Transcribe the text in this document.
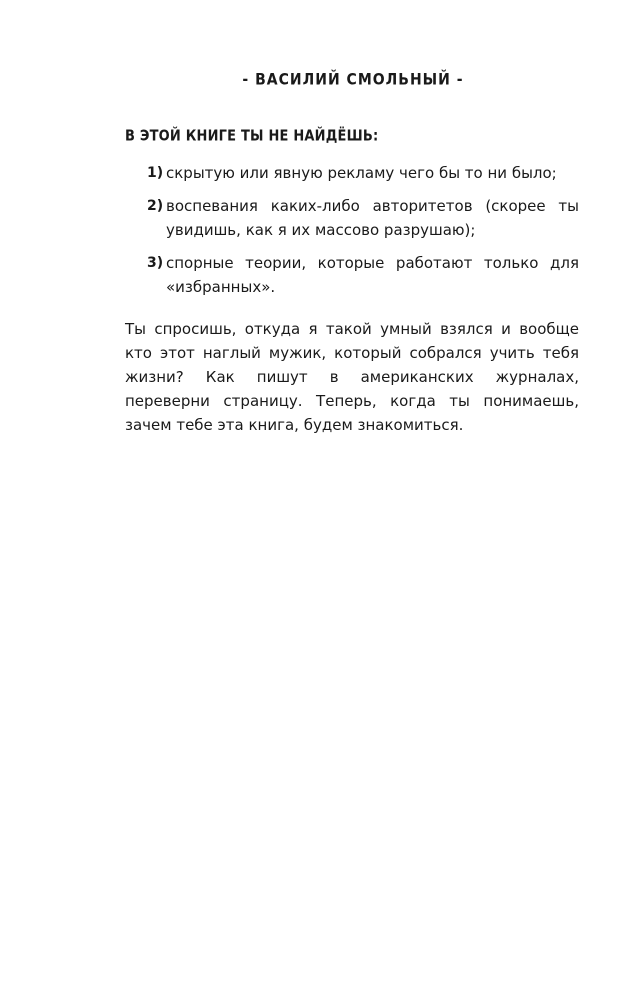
- ВАСИЛИЙ СМОЛЬНЫЙ -
В ЭТОЙ КНИГЕ ТЫ НЕ НАЙДЁШЬ:
1) скрытую или явную рекламу чего бы то ни было;
2) воспевания каких-либо авторитетов (скорее ты увидишь, как я их массово разрушаю);
3) спорные теории, которые работают только для «избранных».

Ты спросишь, откуда я такой умный взялся и вообще кто этот наглый мужик, который собрался учить тебя жизни? Как пишут в американских журналах, переверни страницу. Теперь, когда ты понимаешь, зачем тебе эта книга, будем знакомиться.
